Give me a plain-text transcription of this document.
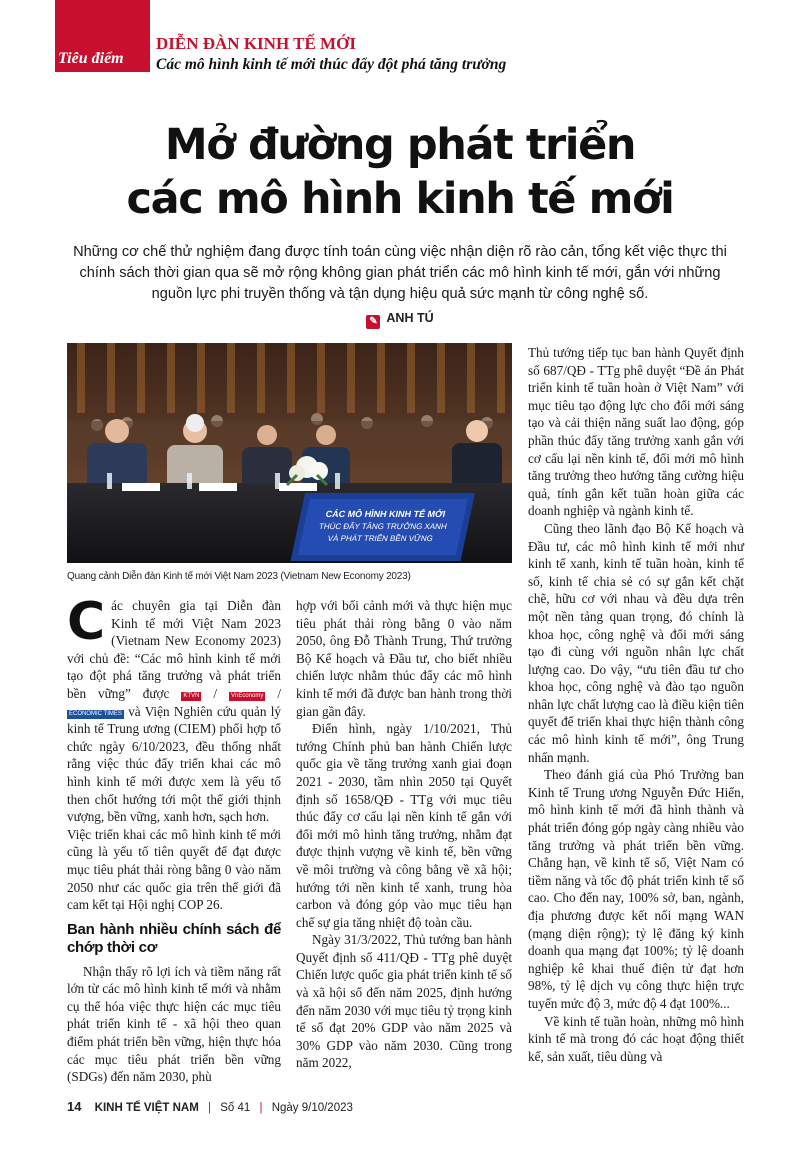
Tiêu điểm
DIỄN ĐÀN KINH TẾ MỚI
Các mô hình kinh tế mới thúc đẩy đột phá tăng trưởng
Mở đường phát triển
các mô hình kinh tế mới
Những cơ chế thử nghiệm đang được tính toán cùng việc nhận diện rõ rào cản, tổng kết việc thực thi chính sách thời gian qua sẽ mở rộng không gian phát triển các mô hình kinh tế mới, gắn với những nguồn lực phi truyền thống và tận dụng hiệu quả sức mạnh từ công nghệ số.
✎ ANH TÚ
CÁC MÔ HÌNH KINH TẾ MỚI
THÚC ĐẨY TĂNG TRƯỞNG XANH
VÀ PHÁT TRIỂN BỀN VỮNG
Quang cảnh Diễn đàn Kinh tế mới Việt Nam 2023 (Vietnam New Economy 2023)

Các chuyên gia tại Diễn đàn Kinh tế mới Việt Nam 2023 (Vietnam New Economy 2023) với chủ đề: “Các mô hình kinh tế mới tạo đột phá tăng trưởng và phát triển bền vững” được KTVN / VnEconomy / ECONOMIC TIMES và Viện Nghiên cứu quản lý kinh tế Trung ương (CIEM) phối hợp tổ chức ngày 6/10/2023, đều thống nhất rằng việc thúc đẩy triển khai các mô hình kinh tế mới được xem là yếu tố then chốt hướng tới một thế giới thịnh vượng, bền vững, xanh hơn, sạch hơn.

Việc triển khai các mô hình kinh tế mới cũng là yếu tố tiên quyết để đạt được mục tiêu phát thải ròng bằng 0 vào năm 2050 như các quốc gia trên thế giới đã cam kết tại Hội nghị COP 26.

Ban hành nhiều chính sách để chớp thời cơ

Nhận thấy rõ lợi ích và tiềm năng rất lớn từ các mô hình kinh tế mới và nhằm cụ thể hóa việc thực hiện các mục tiêu phát triển kinh tế - xã hội theo quan điểm phát triển bền vững, hiện thực hóa các mục tiêu phát triển bền vững (SDGs) đến năm 2030, phù

hợp với bối cảnh mới và thực hiện mục tiêu phát thải ròng bằng 0 vào năm 2050, ông Đỗ Thành Trung, Thứ trưởng Bộ Kế hoạch và Đầu tư, cho biết nhiều chiến lược nhằm thúc đẩy các mô hình kinh tế mới đã được ban hành trong thời gian gần đây.

Điển hình, ngày 1/10/2021, Thủ tướng Chính phủ ban hành Chiến lược quốc gia về tăng trưởng xanh giai đoạn 2021 - 2030, tầm nhìn 2050 tại Quyết định số 1658/QĐ - TTg với mục tiêu thúc đẩy cơ cấu lại nền kinh tế gắn với đổi mới mô hình tăng trưởng, nhằm đạt được thịnh vượng về kinh tế, bền vững về môi trường và công bằng về xã hội; hướng tới nền kinh tế xanh, trung hòa carbon và đóng góp vào mục tiêu hạn chế sự gia tăng nhiệt độ toàn cầu.

Ngày 31/3/2022, Thủ tướng ban hành Quyết định số 411/QĐ - TTg phê duyệt Chiến lược quốc gia phát triển kinh tế số và xã hội số đến năm 2025, định hướng đến năm 2030 với mục tiêu tỷ trọng kinh tế số đạt 20% GDP vào năm 2025 và 30% GDP vào năm 2030. Cũng trong năm 2022,

Thủ tướng tiếp tục ban hành Quyết định số 687/QĐ - TTg phê duyệt “Đề án Phát triển kinh tế tuần hoàn ở Việt Nam” với mục tiêu tạo động lực cho đổi mới sáng tạo và cải thiện năng suất lao động, góp phần thúc đẩy tăng trưởng xanh gắn với cơ cấu lại nền kinh tế, đổi mới mô hình tăng trưởng theo hướng tăng cường hiệu quả, tính gắn kết tuần hoàn giữa các doanh nghiệp và ngành kinh tế.

Cũng theo lãnh đạo Bộ Kế hoạch và Đầu tư, các mô hình kinh tế mới như kinh tế xanh, kinh tế tuần hoàn, kinh tế số, kinh tế chia sẻ có sự gắn kết chặt chẽ, hữu cơ với nhau và đều dựa trên một nền tảng quan trọng, đó chính là khoa học, công nghệ và đổi mới sáng tạo đi cùng với nguồn nhân lực chất lượng cao. Do vậy, “ưu tiên đầu tư cho khoa học, công nghệ và đào tạo nguồn nhân lực chất lượng cao là điều kiện tiên quyết để triển khai thực hiện thành công các mô hình kinh tế mới”, ông Trung nhấn mạnh.

Theo đánh giá của Phó Trưởng ban Kinh tế Trung ương Nguyễn Đức Hiển, mô hình kinh tế mới đã hình thành và phát triển đóng góp ngày càng nhiều vào tăng trưởng và phát triển bền vững. Chẳng hạn, về kinh tế số, Việt Nam có tiềm năng và tốc độ phát triển kinh tế số cao. Cho đến nay, 100% sở, ban, ngành, địa phương được kết nối mạng WAN (mạng diện rộng); tỷ lệ đăng ký kinh doanh qua mạng đạt 100%; tỷ lệ doanh nghiệp kê khai thuế điện tử đạt hơn 98%, tỷ lệ dịch vụ công thực hiện trực tuyến mức độ 3, mức độ 4 đạt 100%...

Về kinh tế tuần hoàn, những mô hình kinh tế mà trong đó các hoạt động thiết kế, sản xuất, tiêu dùng và

14 KINH TẾ VIỆT NAM | Số 41 | Ngày 9/10/2023
